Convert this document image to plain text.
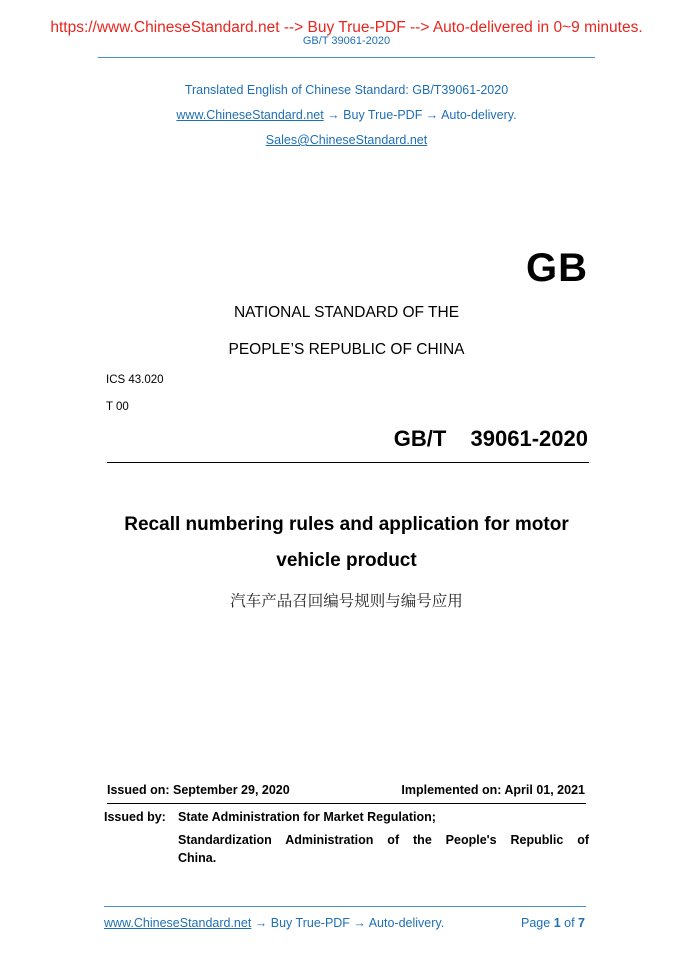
https://www.ChineseStandard.net --> Buy True-PDF --> Auto-delivered in 0~9 minutes.
GB/T 39061-2020
Translated English of Chinese Standard: GB/T39061-2020
www.ChineseStandard.net → Buy True-PDF → Auto-delivery.
Sales@ChineseStandard.net
GB
NATIONAL STANDARD OF THE
PEOPLE’S REPUBLIC OF CHINA
ICS 43.020
T 00
GB/T  39061-2020
Recall numbering rules and application for motor
vehicle product
汽车产品召回编号规则与编号应用
Issued on: September 29, 2020	Implemented on: April 01, 2021
Issued by: State Administration for Market Regulation;
Standardization Administration of the People's Republic of
China.
www.ChineseStandard.net → Buy True-PDF → Auto-delivery.	Page 1 of 7
